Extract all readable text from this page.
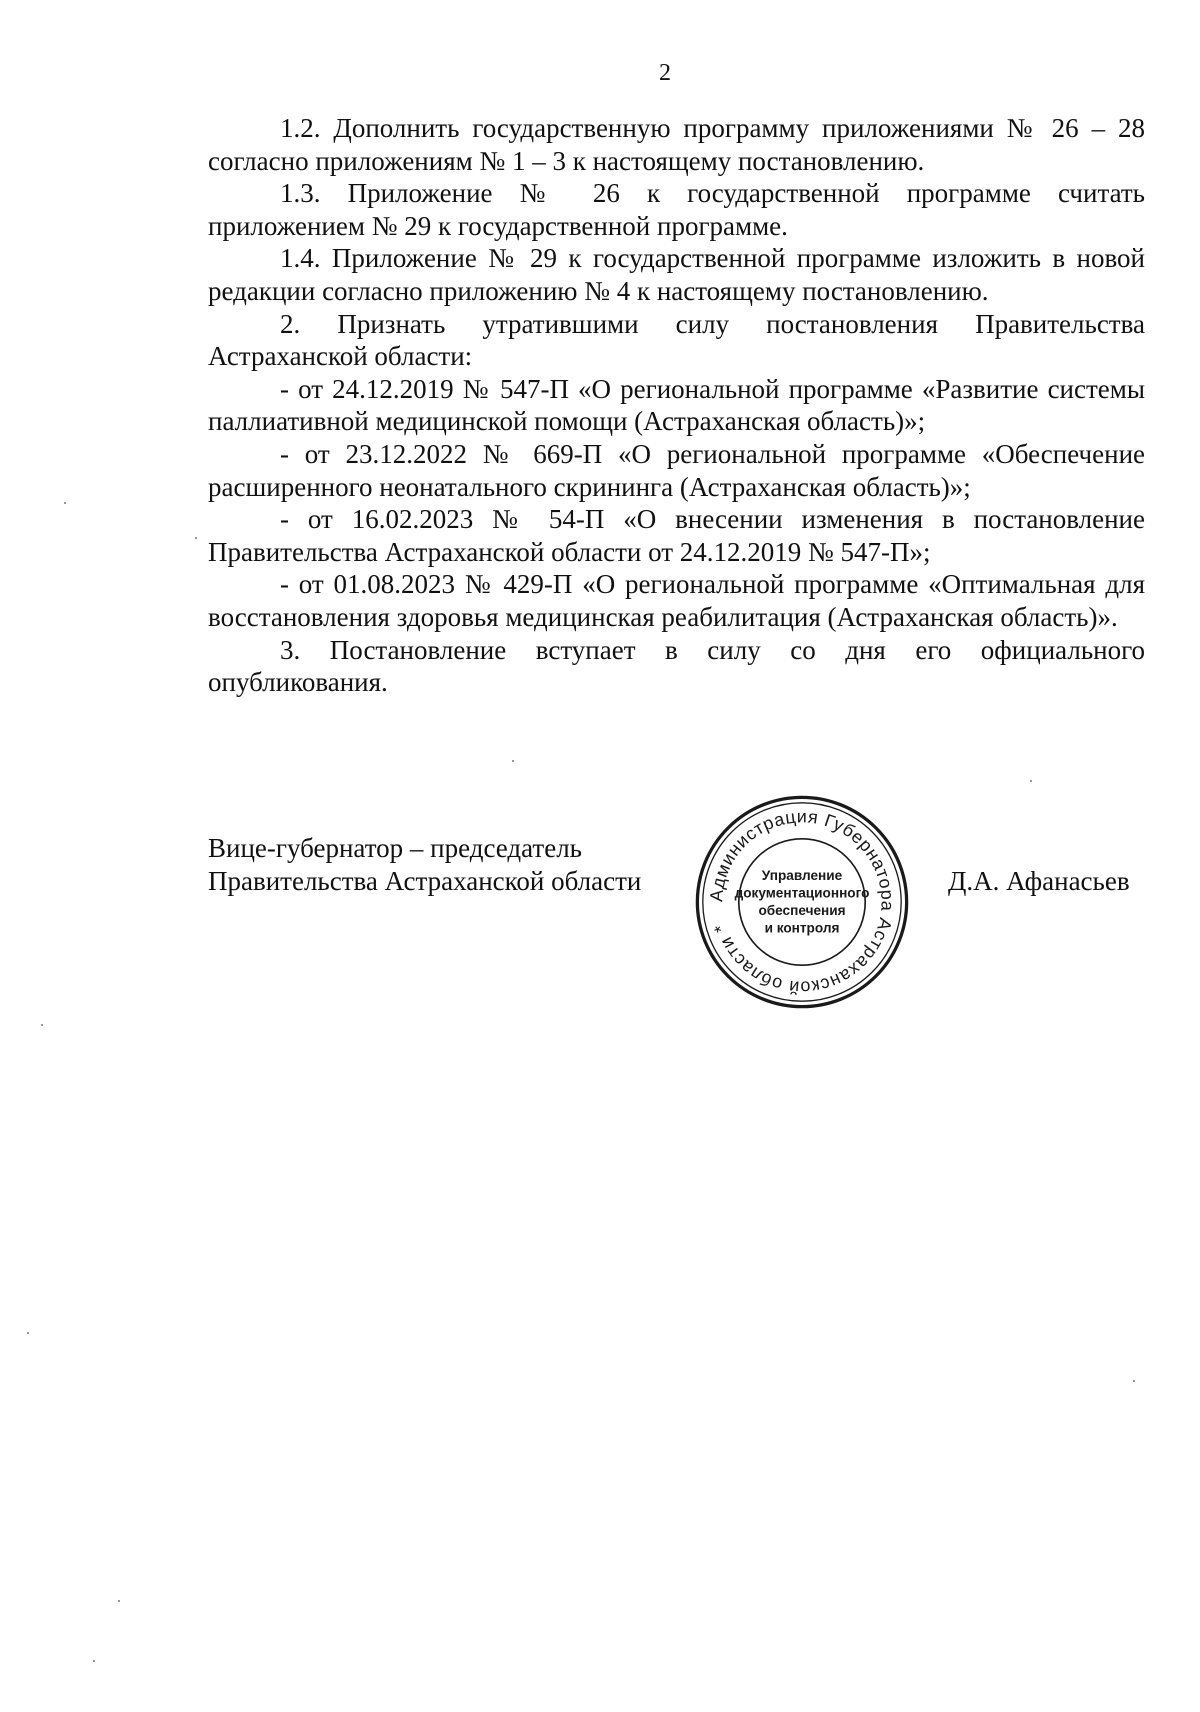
2

1.2. Дополнить государственную программу приложениями № 26 – 28 согласно приложениям № 1 – 3 к настоящему постановлению.

1.3. Приложение № 26 к государственной программе считать приложением № 29 к государственной программе.

1.4. Приложение № 29 к государственной программе изложить в новой редакции согласно приложению № 4 к настоящему постановлению.

2. Признать утратившими силу постановления Правительства Астраханской области:

- от 24.12.2019 № 547-П «О региональной программе «Развитие системы паллиативной медицинской помощи (Астраханская область)»;

- от 23.12.2022 № 669-П «О региональной программе «Обеспечение расширенного неонатального скрининга (Астраханская область)»;

- от 16.02.2023 № 54-П «О внесении изменения в постановление Правительства Астраханской области от 24.12.2019 № 547-П»;

- от 01.08.2023 № 429-П «О региональной программе «Оптимальная для восстановления здоровья медицинская реабилитация (Астраханская область)».

3. Постановление вступает в силу со дня его официального опубликования.

Вице-губернатор – председатель
Правительства Астраханской области	Д.А. Афанасьев
Администрация Губернатора Астраханской области *
Управление документационного обеспечения и контроля
